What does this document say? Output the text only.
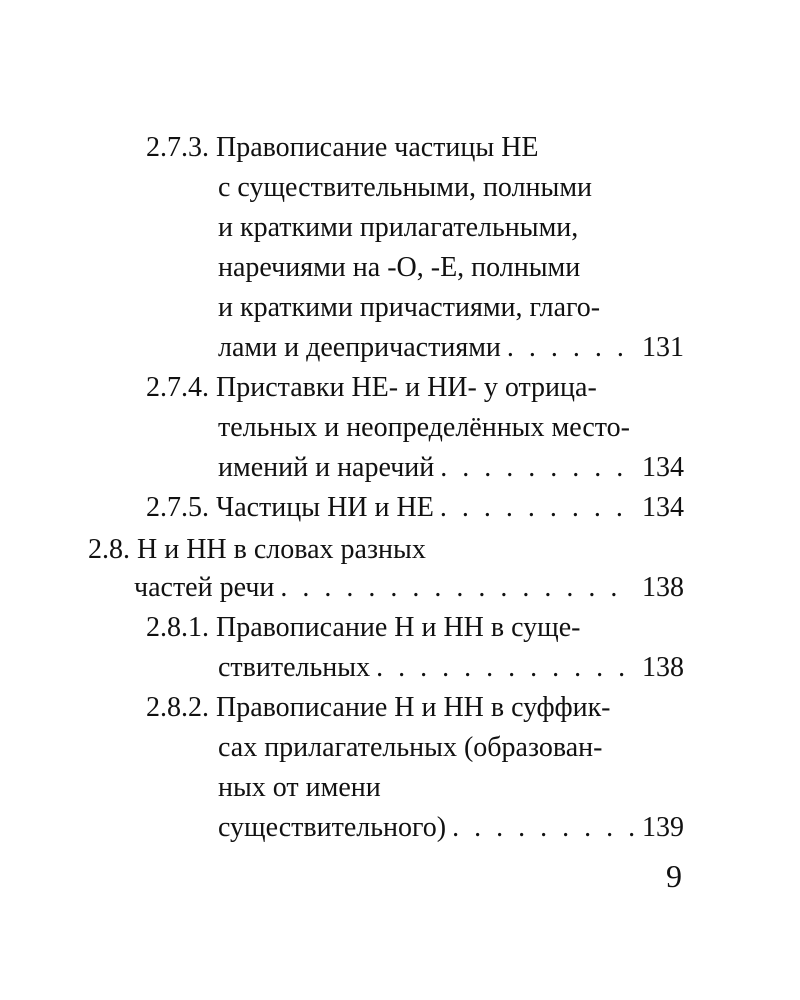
2.7.3. Правописание частицы НЕ
с существительными, полными
и краткими прилагательными,
наречиями на -О, -Е, полными
и краткими причастиями, глаго-
лами и деепричастиями . . .	131
2.7.4. Приставки НЕ- и НИ- у отрица-
тельных и неопределённых место-
имений и наречий . . .	134
2.7.5. Частицы НИ и НЕ . . .	134
2.8. Н и НН в словах разных
частей речи . . .	138
2.8.1. Правописание Н и НН в суще-
ствительных . . .	138
2.8.2. Правописание Н и НН в суффик-
сах прилагательных (образован-
ных от имени
существительного) . . .	139
9
